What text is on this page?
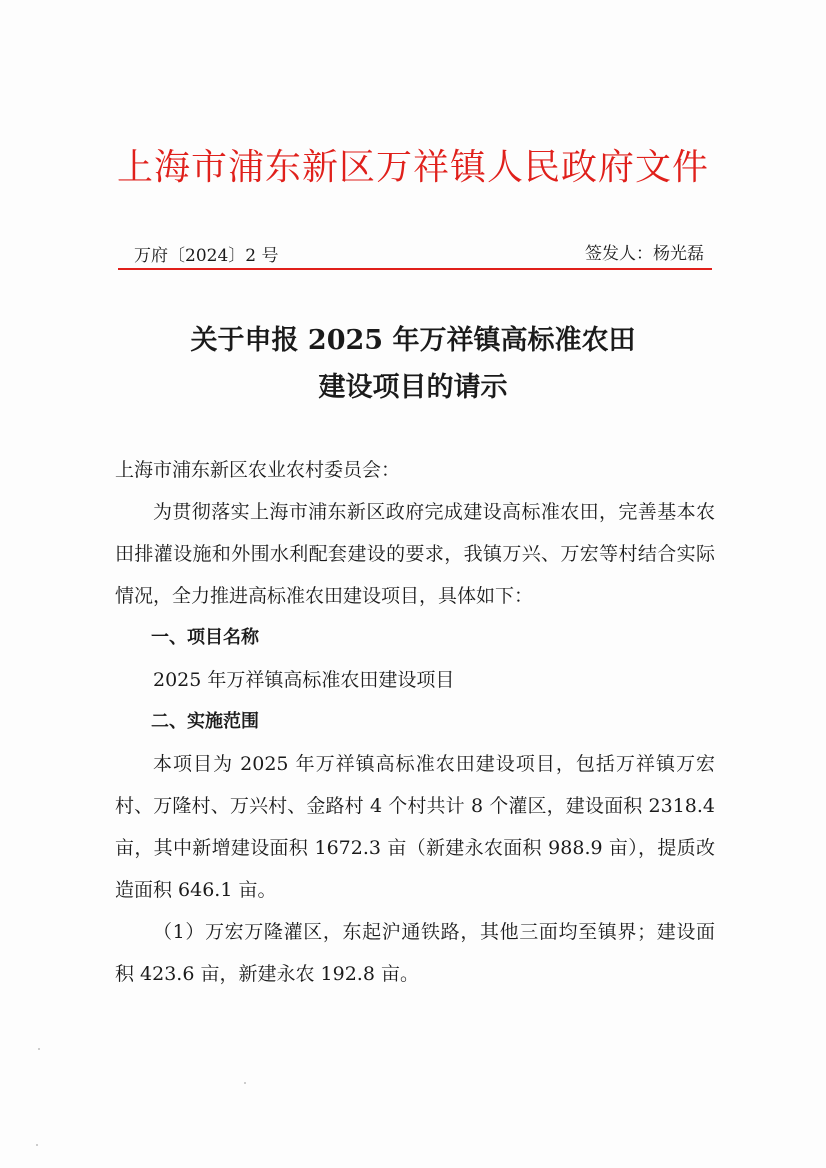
上海市浦东新区万祥镇人民政府文件
万府〔2024〕2 号	签发人：杨光磊
关于申报 2025 年万祥镇高标准农田
建设项目的请示

上海市浦东新区农业农村委员会：

为贯彻落实上海市浦东新区政府完成建设高标准农田，完善基本农田排灌设施和外围水利配套建设的要求，我镇万兴、万宏等村结合实际情况，全力推进高标准农田建设项目，具体如下：

一、项目名称

2025 年万祥镇高标准农田建设项目

二、实施范围

本项目为 2025 年万祥镇高标准农田建设项目，包括万祥镇万宏村、万隆村、万兴村、金路村 4 个村共计 8 个灌区，建设面积 2318.4 亩，其中新增建设面积 1672.3 亩（新建永农面积 988.9 亩），提质改造面积 646.1 亩。

（1）万宏万隆灌区，东起沪通铁路，其他三面均至镇界；建设面积 423.6 亩，新建永农 192.8 亩。
